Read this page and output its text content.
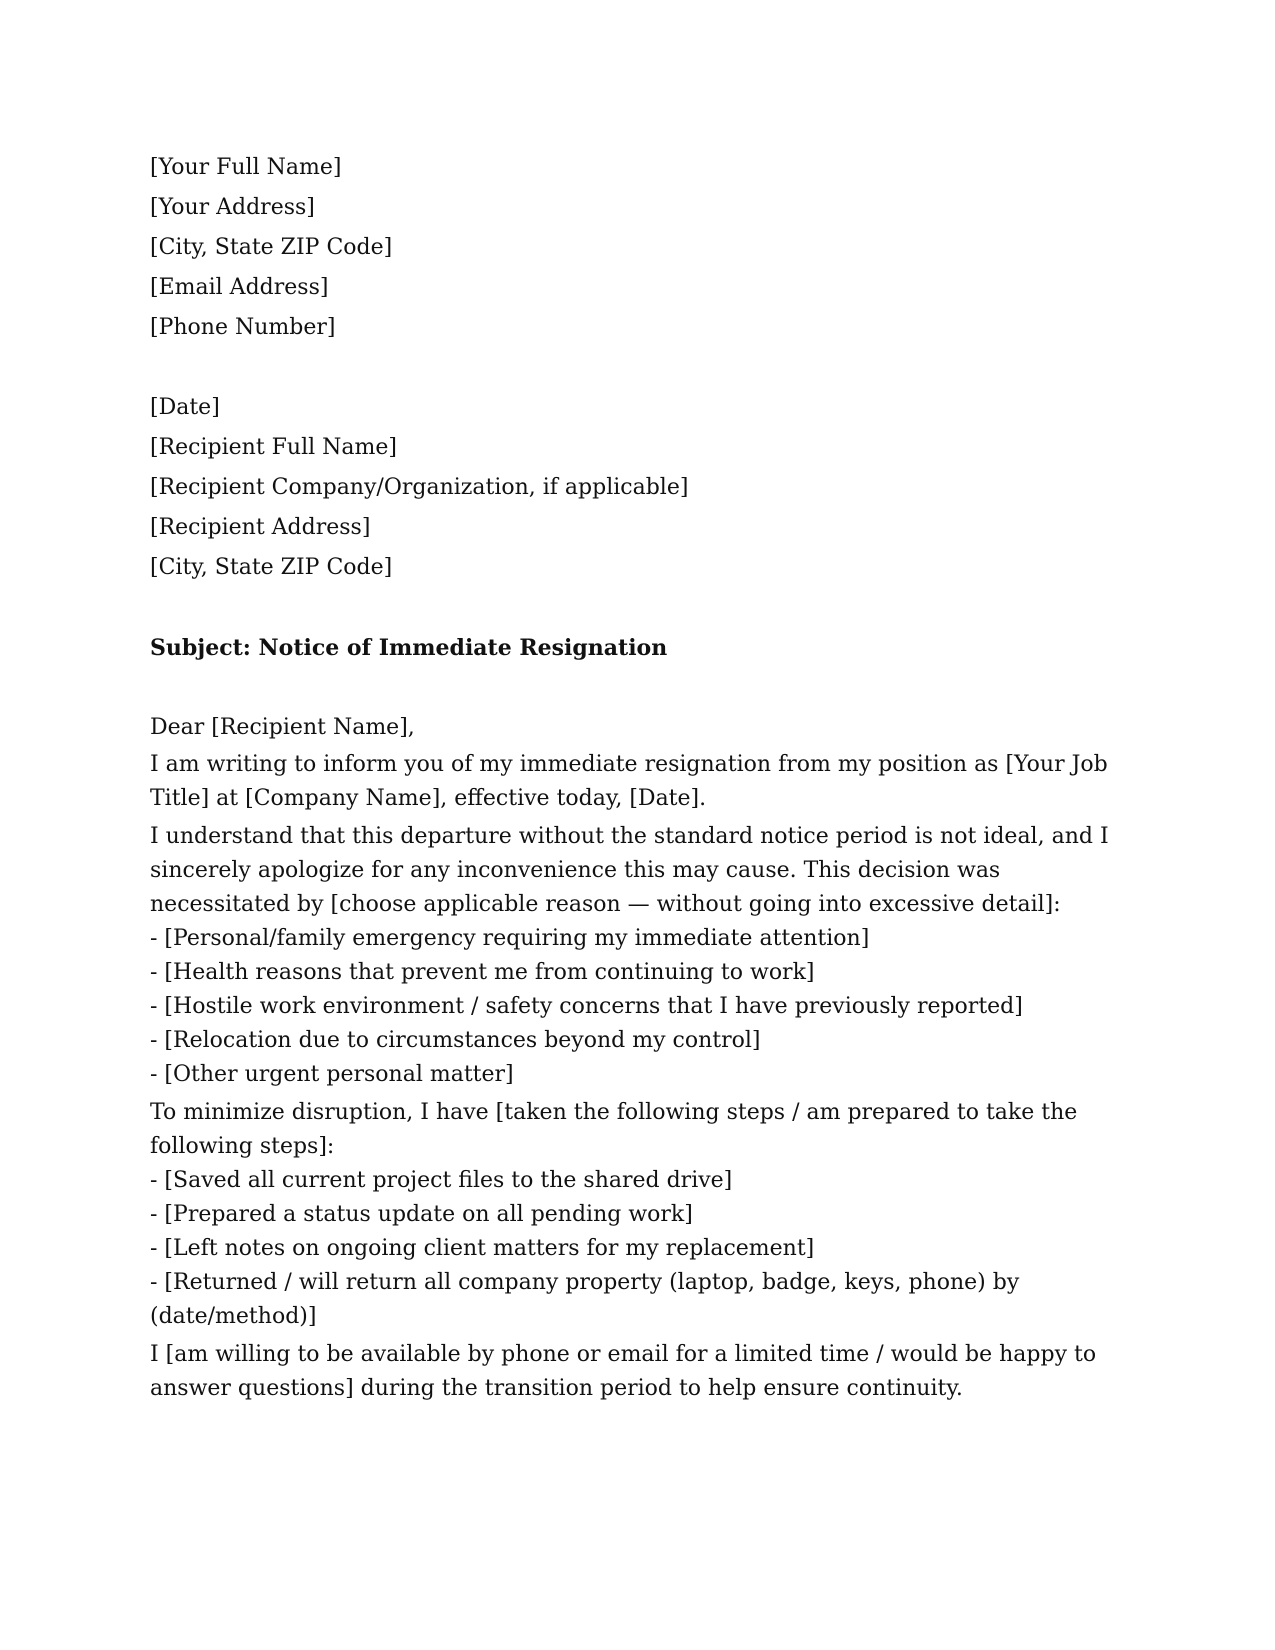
[Your Full Name]
[Your Address]
[City, State ZIP Code]
[Email Address]
[Phone Number]
[Date]
[Recipient Full Name]
[Recipient Company/Organization, if applicable]
[Recipient Address]
[City, State ZIP Code]
Subject: Notice of Immediate Resignation
Dear [Recipient Name],
I am writing to inform you of my immediate resignation from my position as [Your Job Title] at [Company Name], effective today, [Date].
I understand that this departure without the standard notice period is not ideal, and I sincerely apologize for any inconvenience this may cause. This decision was necessitated by [choose applicable reason — without going into excessive detail]:
- [Personal/family emergency requiring my immediate attention]
- [Health reasons that prevent me from continuing to work]
- [Hostile work environment / safety concerns that I have previously reported]
- [Relocation due to circumstances beyond my control]
- [Other urgent personal matter]
To minimize disruption, I have [taken the following steps / am prepared to take the following steps]:
- [Saved all current project files to the shared drive]
- [Prepared a status update on all pending work]
- [Left notes on ongoing client matters for my replacement]
- [Returned / will return all company property (laptop, badge, keys, phone) by (date/method)]
I [am willing to be available by phone or email for a limited time / would be happy to answer questions] during the transition period to help ensure continuity.
